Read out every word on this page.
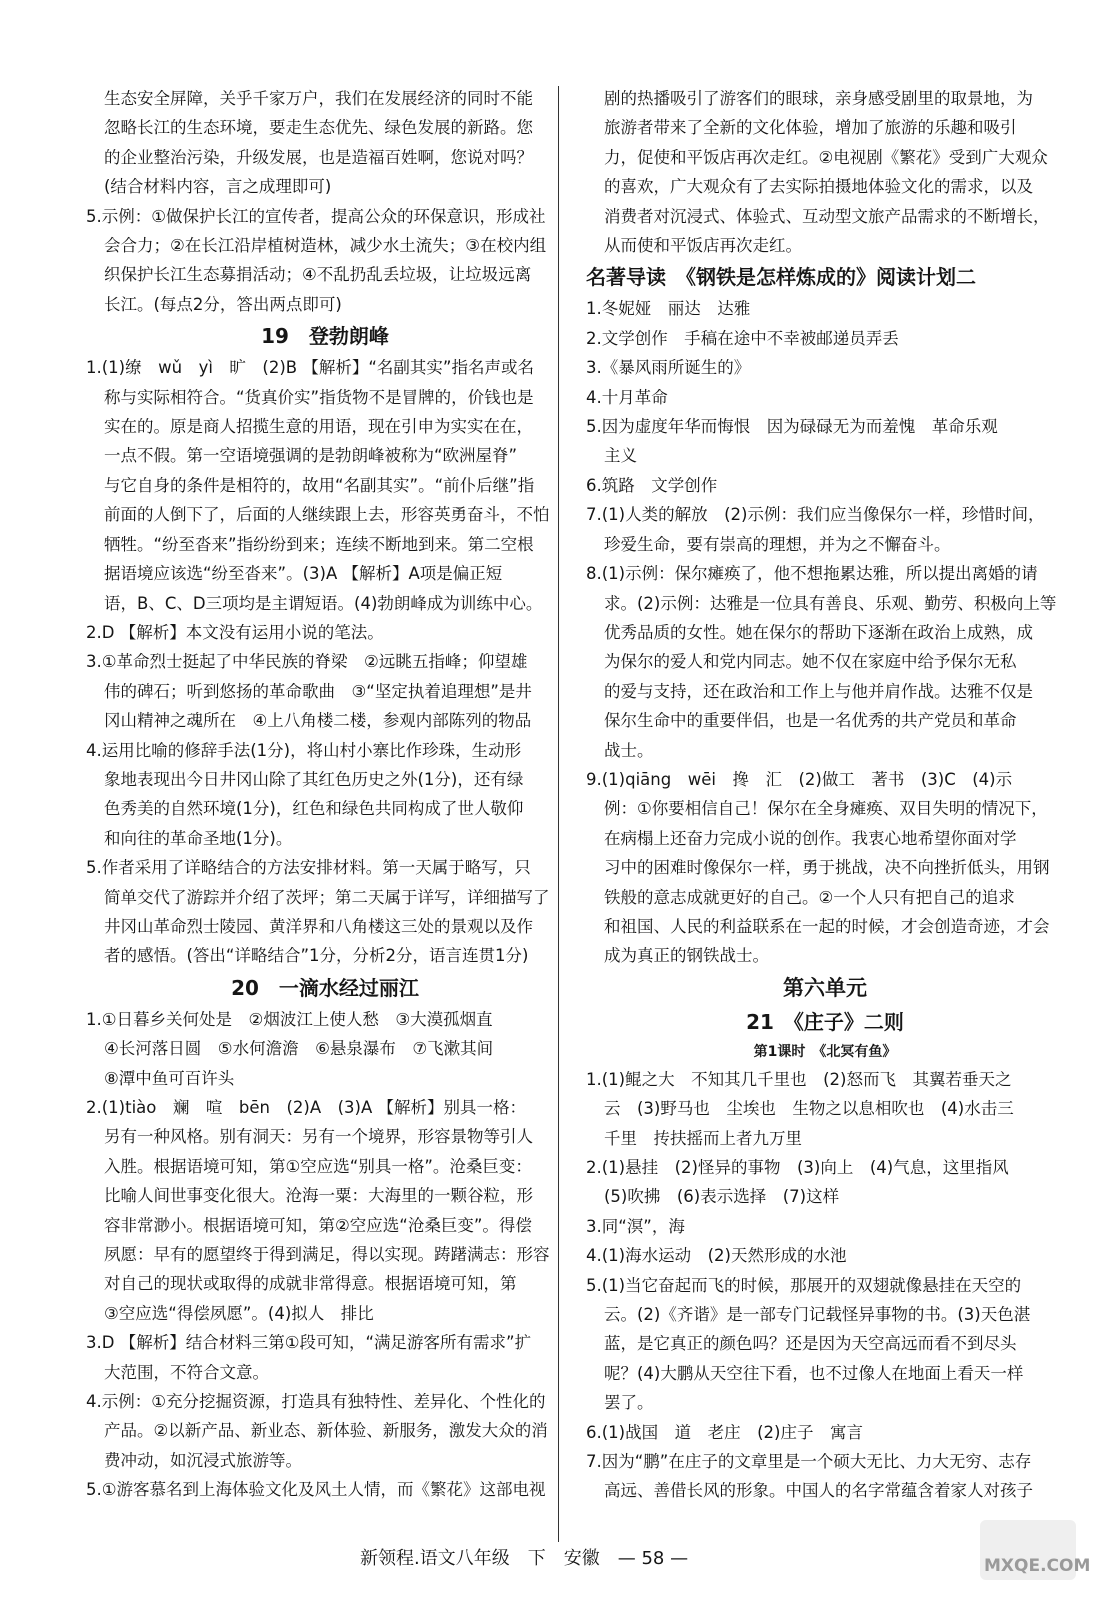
生态安全屏障，关乎千家万户，我们在发展经济的同时不能
忽略长江的生态环境，要走生态优先、绿色发展的新路。您
的企业整治污染，升级发展，也是造福百姓啊，您说对吗？
(结合材料内容，言之成理即可)
5.示例：①做保护长江的宣传者，提高公众的环保意识，形成社
会合力；②在长江沿岸植树造林，减少水土流失；③在校内组
织保护长江生态募捐活动；④不乱扔乱丢垃圾，让垃圾远离
长江。(每点2分，答出两点即可)
19　登勃朗峰
1.(1)缭　wǔ　yì　旷　(2)B 【解析】“名副其实”指名声或名
称与实际相符合。“货真价实”指货物不是冒牌的，价钱也是
实在的。原是商人招揽生意的用语，现在引申为实实在在，
一点不假。第一空语境强调的是勃朗峰被称为“欧洲屋脊”
与它自身的条件是相符的，故用“名副其实”。“前仆后继”指
前面的人倒下了，后面的人继续跟上去，形容英勇奋斗，不怕
牺牲。“纷至沓来”指纷纷到来；连续不断地到来。第二空根
据语境应该选“纷至沓来”。(3)A 【解析】A项是偏正短
语，B、C、D三项均是主谓短语。(4)勃朗峰成为训练中心。
2.D 【解析】本文没有运用小说的笔法。
3.①革命烈士挺起了中华民族的脊梁　②远眺五指峰；仰望雄
伟的碑石；听到悠扬的革命歌曲　③“坚定执着追理想”是井
冈山精神之魂所在　④上八角楼二楼，参观内部陈列的物品
4.运用比喻的修辞手法(1分)，将山村小寨比作珍珠，生动形
象地表现出今日井冈山除了其红色历史之外(1分)，还有绿
色秀美的自然环境(1分)，红色和绿色共同构成了世人敬仰
和向往的革命圣地(1分)。
5.作者采用了详略结合的方法安排材料。第一天属于略写，只
简单交代了游踪并介绍了茨坪；第二天属于详写，详细描写了
井冈山革命烈士陵园、黄洋界和八角楼这三处的景观以及作
者的感悟。(答出“详略结合”1分，分析2分，语言连贯1分)
20　一滴水经过丽江
1.①日暮乡关何处是　②烟波江上使人愁　③大漠孤烟直
④长河落日圆　⑤水何澹澹　⑥悬泉瀑布　⑦飞漱其间
⑧潭中鱼可百许头
2.(1)tiào　斓　喧　bēn　(2)A　(3)A 【解析】别具一格：
另有一种风格。别有洞天：另有一个境界，形容景物等引人
入胜。根据语境可知，第①空应选“别具一格”。沧桑巨变：
比喻人间世事变化很大。沧海一粟：大海里的一颗谷粒，形
容非常渺小。根据语境可知，第②空应选“沧桑巨变”。得偿
夙愿：早有的愿望终于得到满足，得以实现。踌躇满志：形容
对自己的现状或取得的成就非常得意。根据语境可知，第
③空应选“得偿夙愿”。(4)拟人　排比
3.D 【解析】结合材料三第①段可知，“满足游客所有需求”扩
大范围，不符合文意。
4.示例：①充分挖掘资源，打造具有独特性、差异化、个性化的
产品。②以新产品、新业态、新体验、新服务，激发大众的消
费冲动，如沉浸式旅游等。
5.①游客慕名到上海体验文化及风土人情，而《繁花》这部电视
剧的热播吸引了游客们的眼球，亲身感受剧里的取景地，为
旅游者带来了全新的文化体验，增加了旅游的乐趣和吸引
力，促使和平饭店再次走红。②电视剧《繁花》受到广大观众
的喜欢，广大观众有了去实际拍摄地体验文化的需求，以及
消费者对沉浸式、体验式、互动型文旅产品需求的不断增长，
从而使和平饭店再次走红。
名著导读　《钢铁是怎样炼成的》阅读计划二
1.冬妮娅　丽达　达雅
2.文学创作　手稿在途中不幸被邮递员弄丢
3.《暴风雨所诞生的》
4.十月革命
5.因为虚度年华而悔恨　因为碌碌无为而羞愧　革命乐观
主义
6.筑路　文学创作
7.(1)人类的解放　(2)示例：我们应当像保尔一样，珍惜时间，
珍爱生命，要有崇高的理想，并为之不懈奋斗。
8.(1)示例：保尔瘫痪了，他不想拖累达雅，所以提出离婚的请
求。(2)示例：达雅是一位具有善良、乐观、勤劳、积极向上等
优秀品质的女性。她在保尔的帮助下逐渐在政治上成熟，成
为保尔的爱人和党内同志。她不仅在家庭中给予保尔无私
的爱与支持，还在政治和工作上与他并肩作战。达雅不仅是
保尔生命中的重要伴侣，也是一名优秀的共产党员和革命
战士。
9.(1)qiāng　wēi　搀　汇　(2)做工　著书　(3)C　(4)示
例：①你要相信自己！保尔在全身瘫痪、双目失明的情况下，
在病榻上还奋力完成小说的创作。我衷心地希望你面对学
习中的困难时像保尔一样，勇于挑战，决不向挫折低头，用钢
铁般的意志成就更好的自己。②一个人只有把自己的追求
和祖国、人民的利益联系在一起的时候，才会创造奇迹，才会
成为真正的钢铁战士。
第六单元
21　《庄子》二则
第1课时　《北冥有鱼》
1.(1)鲲之大　不知其几千里也　(2)怒而飞　其翼若垂天之
云　(3)野马也　尘埃也　生物之以息相吹也　(4)水击三
千里　抟扶摇而上者九万里
2.(1)悬挂　(2)怪异的事物　(3)向上　(4)气息，这里指风
(5)吹拂　(6)表示选择　(7)这样
3.同“溟”，海
4.(1)海水运动　(2)天然形成的水池
5.(1)当它奋起而飞的时候，那展开的双翅就像悬挂在天空的
云。(2)《齐谐》是一部专门记载怪异事物的书。(3)天色湛
蓝，是它真正的颜色吗？还是因为天空高远而看不到尽头
呢？(4)大鹏从天空往下看，也不过像人在地面上看天一样
罢了。
6.(1)战国　道　老庄　(2)庄子　寓言
7.因为“鹏”在庄子的文章里是一个硕大无比、力大无穷、志存
高远、善借长风的形象。中国人的名字常蕴含着家人对孩子
新领程.语文八年级　下　安徽　— 58 —	MXQE.COM
